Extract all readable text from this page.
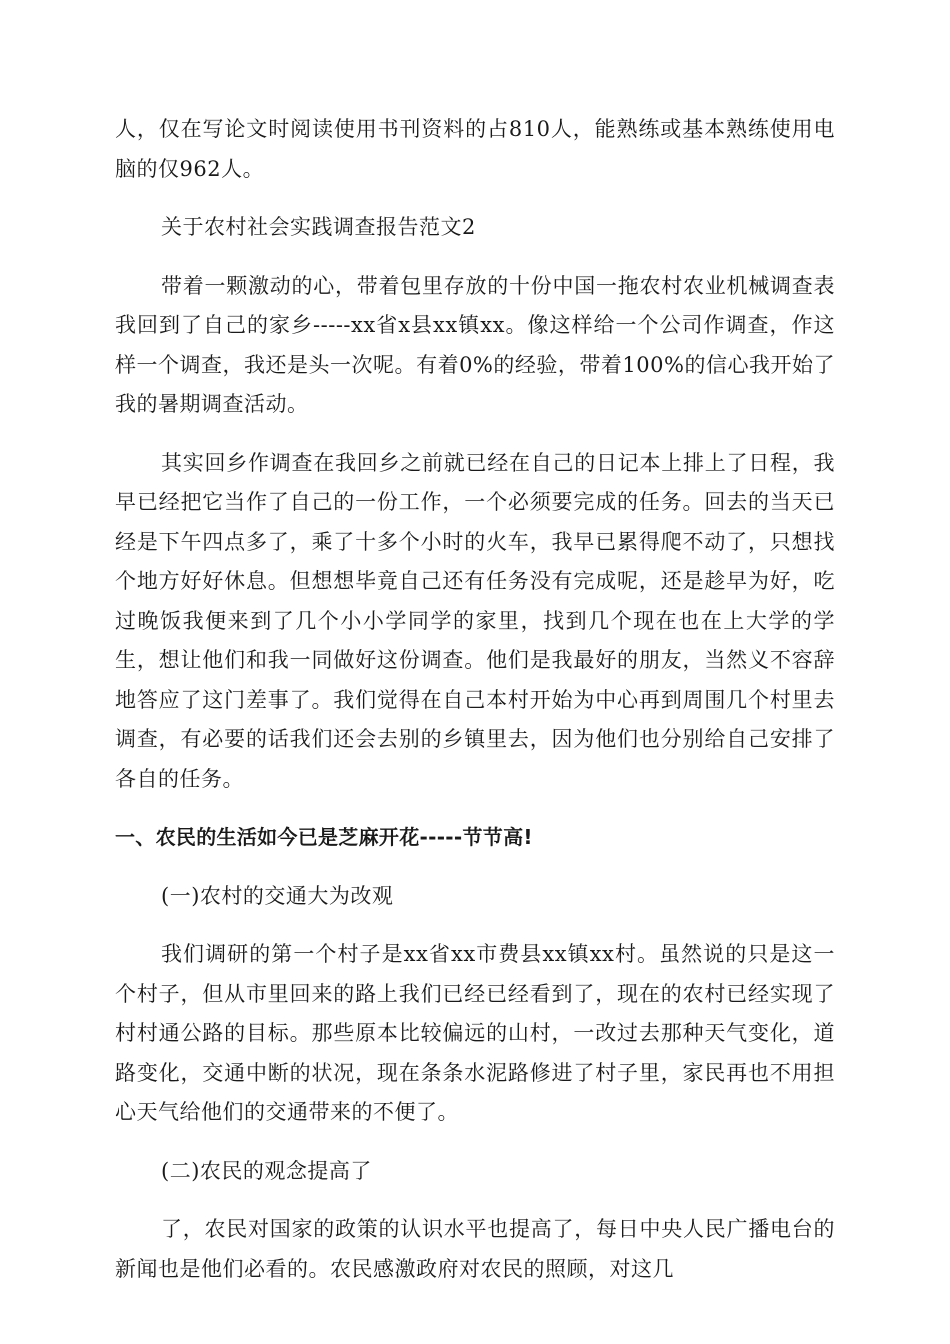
人，仅在写论文时阅读使用书刊资料的占810人，能熟练或基本熟练使用电脑的仅962人。

关于农村社会实践调查报告范文2

带着一颗激动的心，带着包里存放的十份中国一拖农村农业机械调查表我回到了自己的家乡-----xx省x县xx镇xx。像这样给一个公司作调查，作这样一个调查，我还是头一次呢。有着0%的经验，带着100%的信心我开始了我的暑期调查活动。

其实回乡作调查在我回乡之前就已经在自己的日记本上排上了日程，我早已经把它当作了自己的一份工作，一个必须要完成的任务。回去的当天已经是下午四点多了，乘了十多个小时的火车，我早已累得爬不动了，只想找个地方好好休息。但想想毕竟自己还有任务没有完成呢，还是趁早为好，吃过晚饭我便来到了几个小小学同学的家里，找到几个现在也在上大学的学生，想让他们和我一同做好这份调查。他们是我最好的朋友，当然义不容辞地答应了这门差事了。我们觉得在自己本村开始为中心再到周围几个村里去调查，有必要的话我们还会去别的乡镇里去，因为他们也分别给自己安排了各自的任务。

一、农民的生活如今已是芝麻开花-----节节高!

(一)农村的交通大为改观

我们调研的第一个村子是xx省xx市费县xx镇xx村。虽然说的只是这一个村子，但从市里回来的路上我们已经已经看到了，现在的农村已经实现了村村通公路的目标。那些原本比较偏远的山村，一改过去那种天气变化，道路变化，交通中断的状况，现在条条水泥路修进了村子里，家民再也不用担心天气给他们的交通带来的不便了。

(二)农民的观念提高了

了，农民对国家的政策的认识水平也提高了，每日中央人民广播电台的新闻也是他们必看的。农民感激政府对农民的照顾，对这几
